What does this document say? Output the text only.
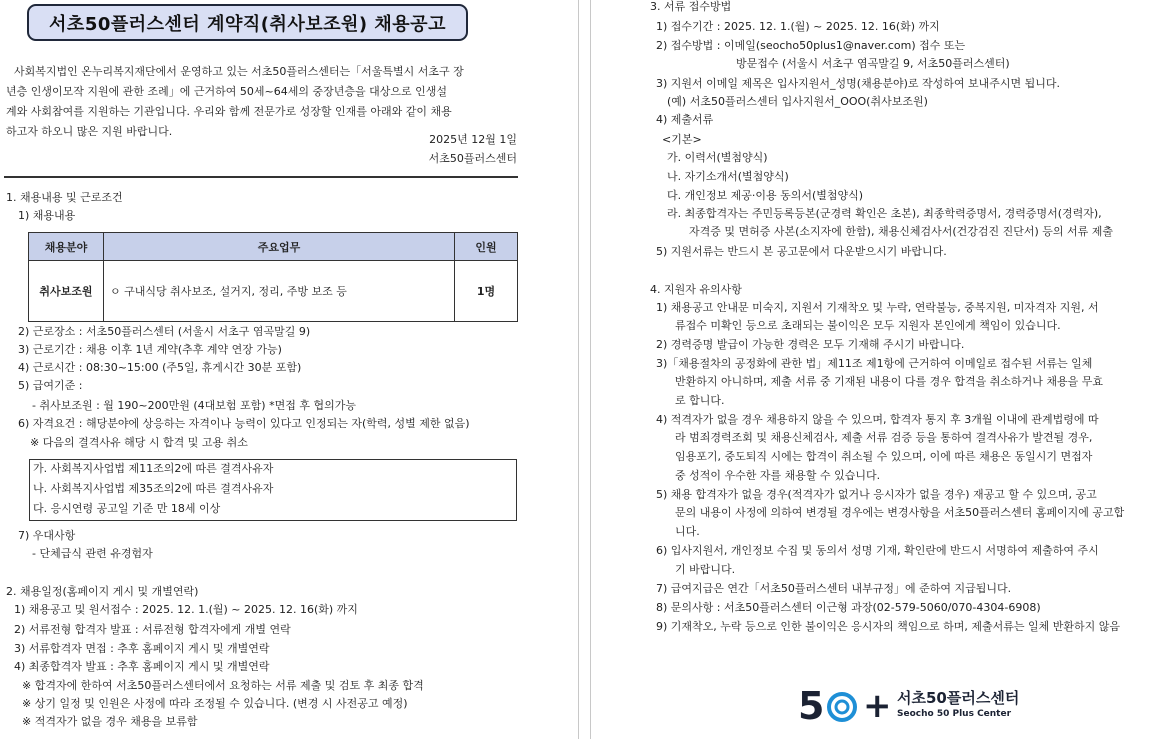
서초50플러스센터 계약직(취사보조원) 채용공고
사회복지법인 온누리복지재단에서 운영하고 있는 서초50플러스센터는「서울특별시 서초구 장
년층 인생이모작 지원에 관한 조례」에 근거하여 50세~64세의 중장년층을 대상으로 인생설
계와 사회참여를 지원하는 기관입니다. 우리와 함께 전문가로 성장할 인재를 아래와 같이 채용
하고자 하오니 많은 지원 바랍니다.
2025년 12월 1일
서초50플러스센터
1. 채용내용 및 근로조건
1) 채용내용
채용분야	주요업무	인원
취사보조원	ㅇ 구내식당 취사보조, 설거지, 정리, 주방 보조 등	1명
2) 근로장소 : 서초50플러스센터 (서울시 서초구 염곡말길 9)
3) 근로기간 : 채용 이후 1년 계약(추후 계약 연장 가능)
4) 근로시간 : 08:30~15:00 (주5일, 휴게시간 30분 포함)
5) 급여기준 :
- 취사보조원 : 월 190~200만원 (4대보험 포함) *면접 후 협의가능
6) 자격요건 : 해당분야에 상응하는 자격이나 능력이 있다고 인정되는 자(학력, 성별 제한 없음)
※ 다음의 결격사유 해당 시 합격 및 고용 취소
가. 사회복지사업법 제11조의2에 따른 결격사유자
나. 사회복지사업법 제35조의2에 따른 결격사유자
다. 응시연령 공고일 기준 만 18세 이상
7) 우대사항
- 단체급식 관련 유경험자
2. 채용일정(홈페이지 게시 및 개별연락)
1) 채용공고 및 원서접수 : 2025. 12. 1.(월) ~ 2025. 12. 16(화) 까지
2) 서류전형 합격자 발표 : 서류전형 합격자에게 개별 연락
3) 서류합격자 면접 : 추후 홈페이지 게시 및 개별연락
4) 최종합격자 발표 : 추후 홈페이지 게시 및 개별연락
※ 합격자에 한하여 서초50플러스센터에서 요청하는 서류 제출 및 검토 후 최종 합격
※ 상기 일정 및 인원은 사정에 따라 조정될 수 있습니다. (변경 시 사전공고 예정)
※ 적격자가 없을 경우 채용을 보류함
3. 서류 접수방법
1) 접수기간 : 2025. 12. 1.(월) ~ 2025. 12. 16(화) 까지
2) 접수방법 : 이메일(seocho50plus1@naver.com) 접수 또는
방문접수 (서울시 서초구 염곡말길 9, 서초50플러스센터)
3) 지원서 이메일 제목은 입사지원서_성명(채용분야)로 작성하여 보내주시면 됩니다.
(예) 서초50플러스센터 입사지원서_OOO(취사보조원)
4) 제출서류
<기본>
가. 이력서(별첨양식)
나. 자기소개서(별첨양식)
다. 개인정보 제공·이용 동의서(별첨양식)
라. 최종합격자는 주민등록등본(군경력 확인은 초본), 최종학력증명서, 경력증명서(경력자),
자격증 및 면허증 사본(소지자에 한함), 채용신체검사서(건강검진 진단서) 등의 서류 제출
5) 지원서류는 반드시 본 공고문에서 다운받으시기 바랍니다.
4. 지원자 유의사항
1) 채용공고 안내문 미숙지, 지원서 기재착오 및 누락, 연락불능, 중복지원, 미자격자 지원, 서
류접수 미확인 등으로 초래되는 불이익은 모두 지원자 본인에게 책임이 있습니다.
2) 경력증명 발급이 가능한 경력은 모두 기재해 주시기 바랍니다.
3)「채용절차의 공정화에 관한 법」제11조 제1항에 근거하여 이메일로 접수된 서류는 일체
반환하지 아니하며, 제출 서류 중 기재된 내용이 다를 경우 합격을 취소하거나 채용을 무효
로 합니다.
4) 적격자가 없을 경우 채용하지 않을 수 있으며, 합격자 통지 후 3개월 이내에 관계법령에 따
라 범죄경력조회 및 채용신체검사, 제출 서류 검증 등을 통하여 결격사유가 발견될 경우,
임용포기, 중도퇴직 시에는 합격이 취소될 수 있으며, 이에 따른 채용은 동일시기 면접자
중 성적이 우수한 자를 채용할 수 있습니다.
5) 채용 합격자가 없을 경우(적격자가 없거나 응시자가 없을 경우) 재공고 할 수 있으며, 공고
문의 내용이 사정에 의하여 변경될 경우에는 변경사항을 서초50플러스센터 홈페이지에 공고합
니다.
6) 입사지원서, 개인정보 수집 및 동의서 성명 기재, 확인란에 반드시 서명하여 제출하여 주시
기 바랍니다.
7) 급여지급은 연간「서초50플러스센터 내부규정」에 준하여 지급됩니다.
8) 문의사항 : 서초50플러스센터 이근형 과장(02-579-5060/070-4304-6908)
9) 기재착오, 누락 등으로 인한 불이익은 응시자의 책임으로 하며, 제출서류는 일체 반환하지 않음
5 + 서초50플러스센터
Seocho 50 Plus Center
